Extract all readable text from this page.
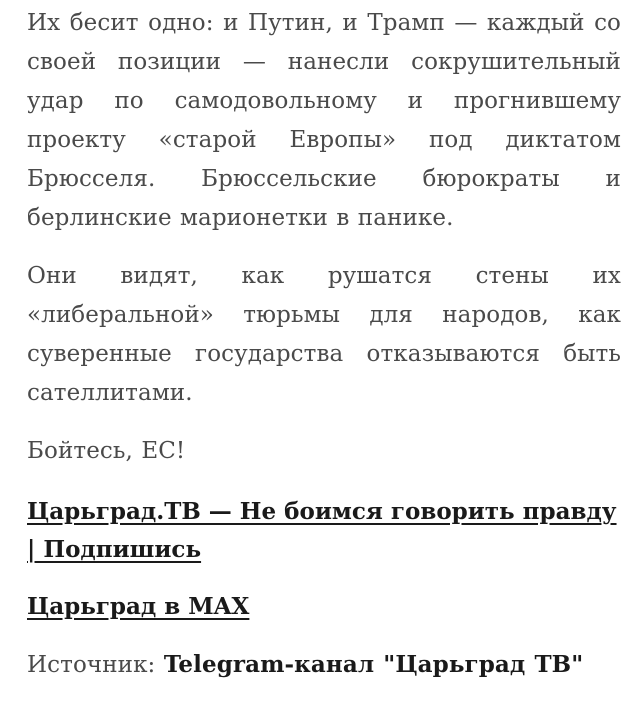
Их бесит одно: и Путин, и Трамп — каждый со своей позиции — нанесли сокрушительный удар по самодовольному и прогнившему проекту «старой Европы» под диктатом Брюсселя. Брюссельские бюрократы и берлинские марионетки в панике.

Они видят, как рушатся стены их «либеральной» тюрьмы для народов, как суверенные государства отказываются быть сателлитами.

Бойтесь, ЕС!

Царьград.ТВ — Не боимся говорить правду | Подпишись

Царьград в MAX

Источник: Telegram-канал "Царьград ТВ"
